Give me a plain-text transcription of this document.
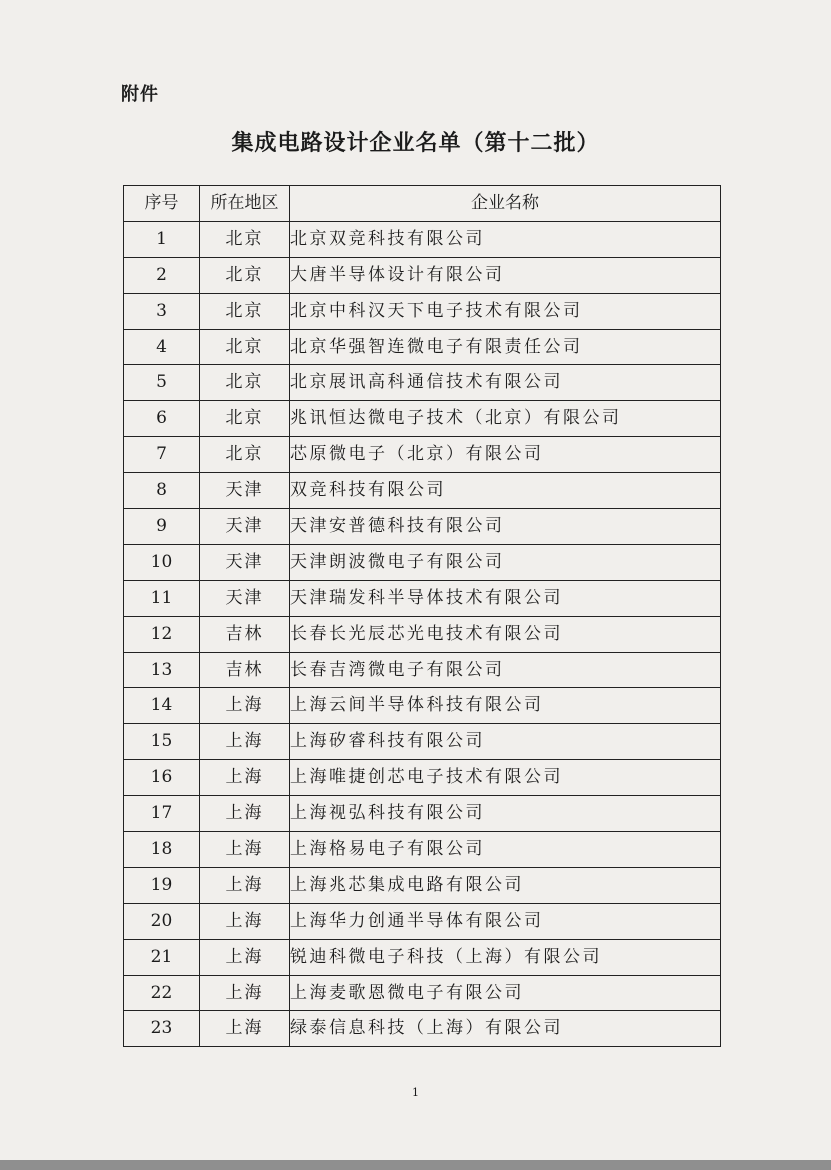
附件
集成电路设计企业名单（第十二批）
序号	所在地区	企业名称
1	北京	北京双竞科技有限公司
2	北京	大唐半导体设计有限公司
3	北京	北京中科汉天下电子技术有限公司
4	北京	北京华强智连微电子有限责任公司
5	北京	北京展讯高科通信技术有限公司
6	北京	兆讯恒达微电子技术（北京）有限公司
7	北京	芯原微电子（北京）有限公司
8	天津	双竞科技有限公司
9	天津	天津安普德科技有限公司
10	天津	天津朗波微电子有限公司
11	天津	天津瑞发科半导体技术有限公司
12	吉林	长春长光辰芯光电技术有限公司
13	吉林	长春吉湾微电子有限公司
14	上海	上海云间半导体科技有限公司
15	上海	上海矽睿科技有限公司
16	上海	上海唯捷创芯电子技术有限公司
17	上海	上海视弘科技有限公司
18	上海	上海格易电子有限公司
19	上海	上海兆芯集成电路有限公司
20	上海	上海华力创通半导体有限公司
21	上海	锐迪科微电子科技（上海）有限公司
22	上海	上海麦歌恩微电子有限公司
23	上海	绿泰信息科技（上海）有限公司
1
